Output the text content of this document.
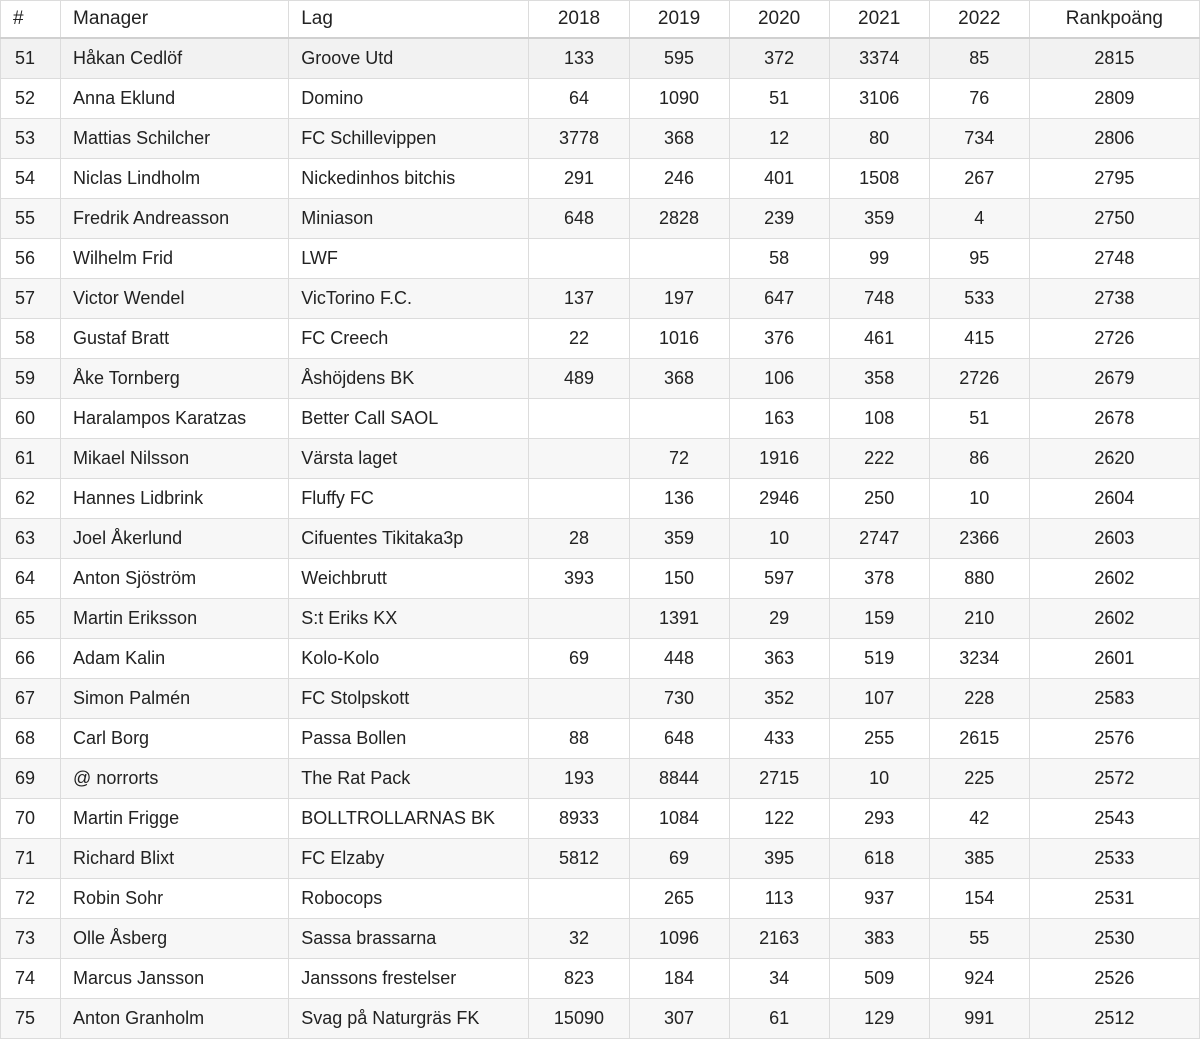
#	Manager	Lag	2018	2019	2020	2021	2022	Rankpoäng
51	Håkan Cedlöf	Groove Utd	133	595	372	3374	85	2815
52	Anna Eklund	Domino	64	1090	51	3106	76	2809
53	Mattias Schilcher	FC Schillevippen	3778	368	12	80	734	2806
54	Niclas Lindholm	Nickedinhos bitchis	291	246	401	1508	267	2795
55	Fredrik Andreasson	Miniason	648	2828	239	359	4	2750
56	Wilhelm Frid	LWF			58	99	95	2748
57	Victor Wendel	VicTorino F.C.	137	197	647	748	533	2738
58	Gustaf Bratt	FC Creech	22	1016	376	461	415	2726
59	Åke Tornberg	Åshöjdens BK	489	368	106	358	2726	2679
60	Haralampos Karatzas	Better Call SAOL			163	108	51	2678
61	Mikael Nilsson	Värsta laget		72	1916	222	86	2620
62	Hannes Lidbrink	Fluffy FC		136	2946	250	10	2604
63	Joel Åkerlund	Cifuentes Tikitaka3p	28	359	10	2747	2366	2603
64	Anton Sjöström	Weichbrutt	393	150	597	378	880	2602
65	Martin Eriksson	S:t Eriks KX		1391	29	159	210	2602
66	Adam Kalin	Kolo-Kolo	69	448	363	519	3234	2601
67	Simon Palmén	FC Stolpskott		730	352	107	228	2583
68	Carl Borg	Passa Bollen	88	648	433	255	2615	2576
69	@ norrorts	The Rat Pack	193	8844	2715	10	225	2572
70	Martin Frigge	BOLLTROLLARNAS BK	8933	1084	122	293	42	2543
71	Richard Blixt	FC Elzaby	5812	69	395	618	385	2533
72	Robin Sohr	Robocops		265	113	937	154	2531
73	Olle Åsberg	Sassa brassarna	32	1096	2163	383	55	2530
74	Marcus Jansson	Janssons frestelser	823	184	34	509	924	2526
75	Anton Granholm	Svag på Naturgräs FK	15090	307	61	129	991	2512
